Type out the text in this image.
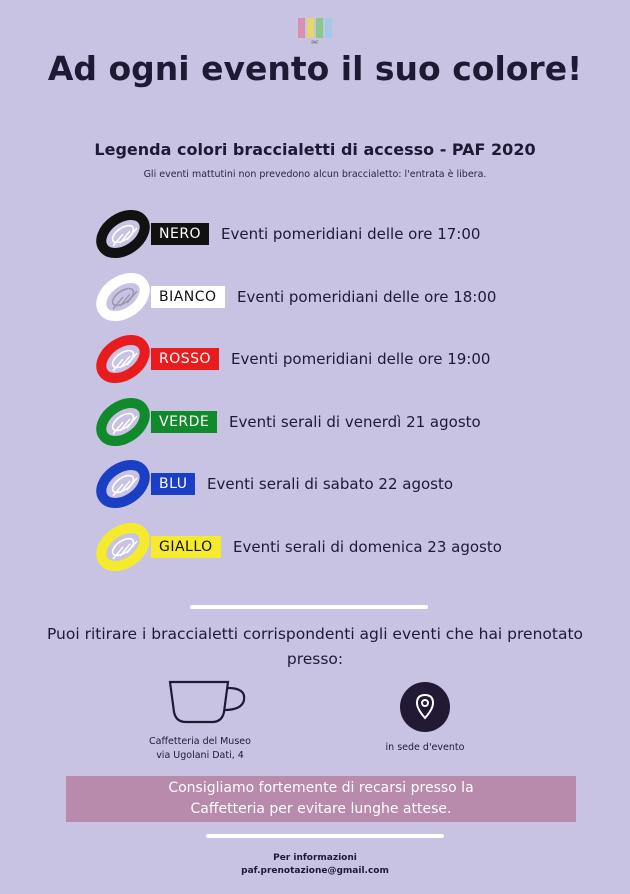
PAF
Ad ogni evento il suo colore!
Legenda colori braccialetti di accesso - PAF 2020
Gli eventi mattutini non prevedono alcun braccialetto: l'entrata è libera.
NERO	Eventi pomeridiani delle ore 17:00
BIANCO	Eventi pomeridiani delle ore 18:00
ROSSO	Eventi pomeridiani delle ore 19:00
VERDE	Eventi serali di venerdì 21 agosto
BLU	Eventi serali di sabato 22 agosto
GIALLO	Eventi serali di domenica 23 agosto
Puoi ritirare i braccialetti corrispondenti agli eventi che hai prenotato presso:
Caffetteria del Museo
via Ugolani Dati, 4
in sede d'evento
Consigliamo fortemente di recarsi presso la
Caffetteria per evitare lunghe attese.
Per informazioni
paf.prenotazione@gmail.com
